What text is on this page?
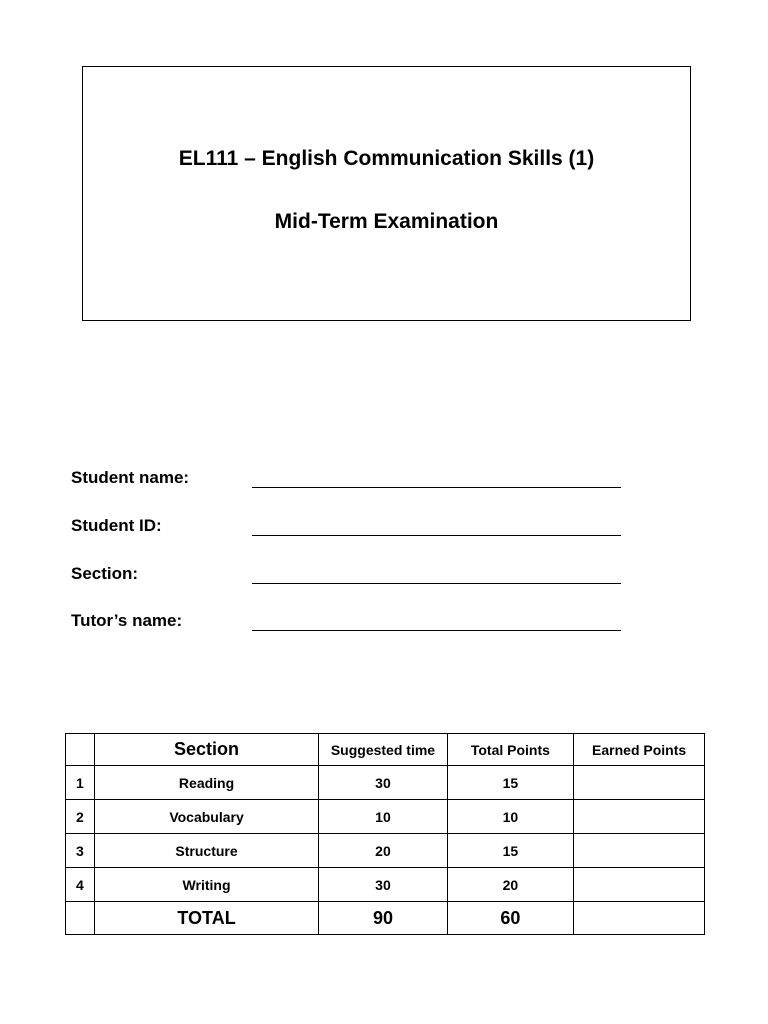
EL111 – English Communication Skills (1)
Mid-Term Examination
Student name:
Student ID:
Section:
Tutor’s name:
	Section	Suggested time	Total Points	Earned Points
1	Reading	30	15	
2	Vocabulary	10	10	
3	Structure	20	15	
4	Writing	30	20	
	TOTAL	90	60	
